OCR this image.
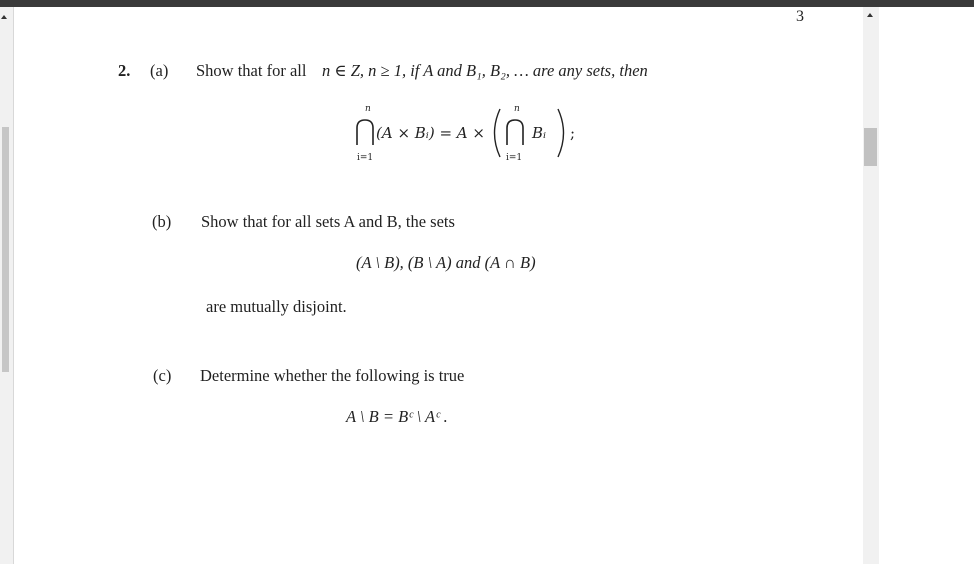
3
2. (a) Show that for all n ∈ Z, n ≥ 1, if A and B₁, B₂, … are any sets, then
n
i=1
(A × Bᵢ) = A ×
n
i=1
Bᵢ ;
(b) Show that for all sets A and B, the sets
(A \ B), (B \ A) and (A ∩ B)
are mutually disjoint.
(c) Determine whether the following is true
A \ B = Bᶜ \ Aᶜ .
